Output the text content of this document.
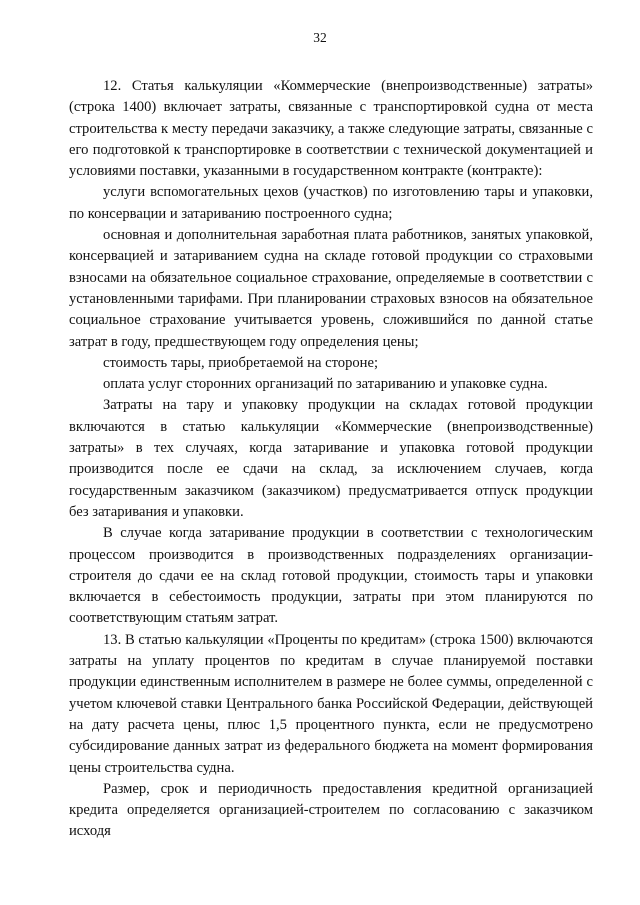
32

12. Статья калькуляции «Коммерческие (внепроизводственные) затраты» (строка 1400) включает затраты, связанные с транспортировкой судна от места строительства к месту передачи заказчику, а также следующие затраты, связанные с его подготовкой к транспортировке в соответствии с технической документацией и условиями поставки, указанными в государственном контракте (контракте):

услуги вспомогательных цехов (участков) по изготовлению тары и упаковки, по консервации и затариванию построенного судна;

основная и дополнительная заработная плата работников, занятых упаковкой, консервацией и затариванием судна на складе готовой продукции со страховыми взносами на обязательное социальное страхование, определяемые в соответствии с установленными тарифами. При планировании страховых взносов на обязательное социальное страхование учитывается уровень, сложившийся по данной статье затрат в году, предшествующем году определения цены;

стоимость тары, приобретаемой на стороне;

оплата услуг сторонних организаций по затариванию и упаковке судна.

Затраты на тару и упаковку продукции на складах готовой продукции включаются в статью калькуляции «Коммерческие (внепроизводственные) затраты» в тех случаях, когда затаривание и упаковка готовой продукции производится после ее сдачи на склад, за исключением случаев, когда государственным заказчиком (заказчиком) предусматривается отпуск продукции без затаривания и упаковки.

В случае когда затаривание продукции в соответствии с технологическим процессом производится в производственных подразделениях организации-строителя до сдачи ее на склад готовой продукции, стоимость тары и упаковки включается в себестоимость продукции, затраты при этом планируются по соответствующим статьям затрат.

13. В статью калькуляции «Проценты по кредитам» (строка 1500) включаются затраты на уплату процентов по кредитам в случае планируемой поставки продукции единственным исполнителем в размере не более суммы, определенной с учетом ключевой ставки Центрального банка Российской Федерации, действующей на дату расчета цены, плюс 1,5 процентного пункта, если не предусмотрено субсидирование данных затрат из федерального бюджета на момент формирования цены строительства судна.

Размер, срок и периодичность предоставления кредитной организацией кредита определяется организацией-строителем по согласованию с заказчиком исходя
